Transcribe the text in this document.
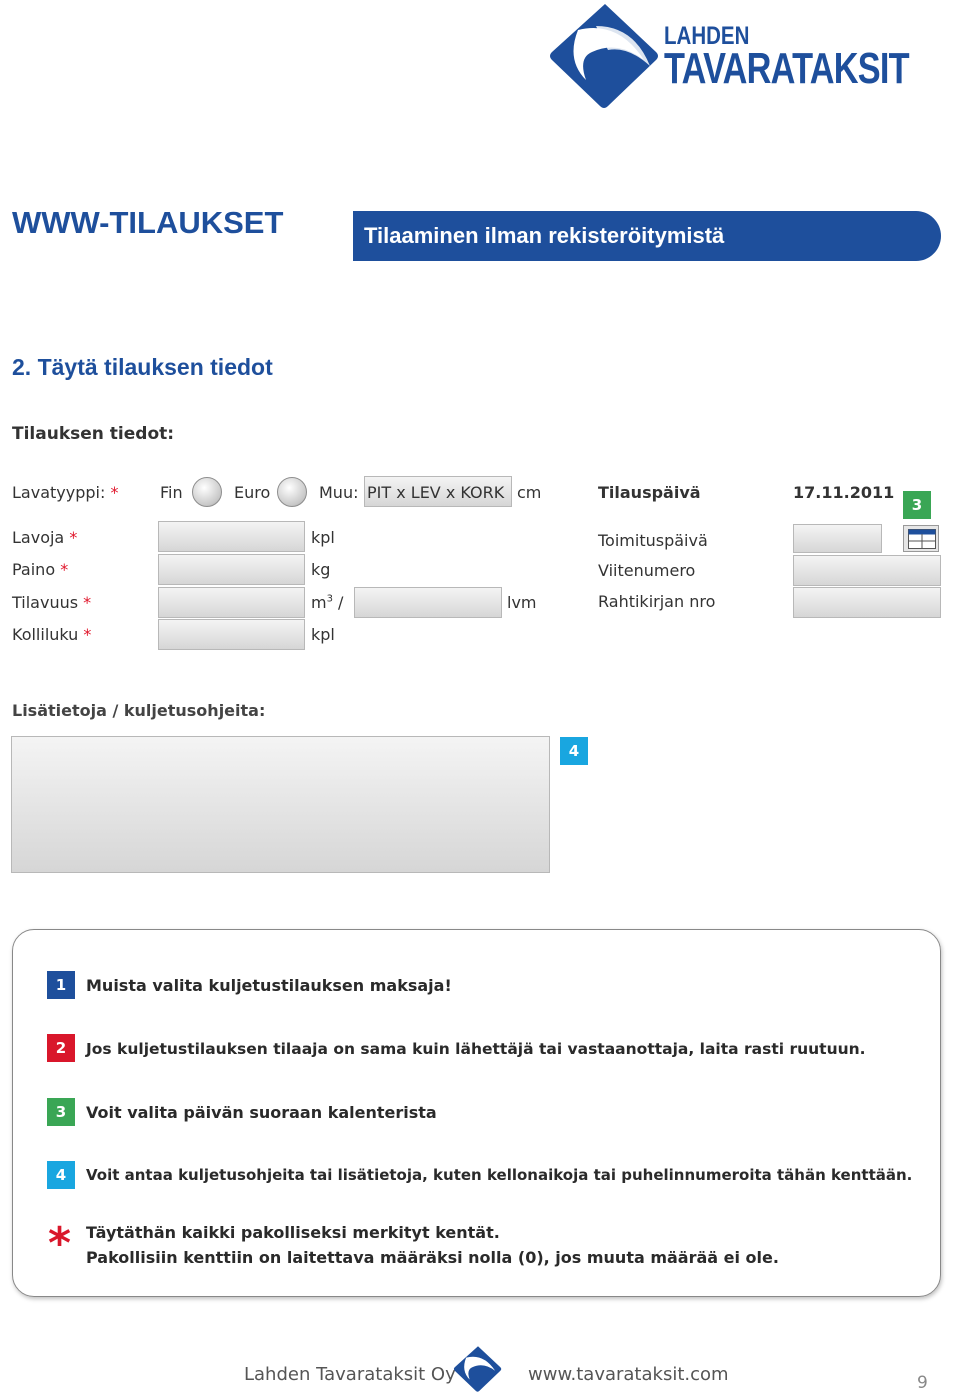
LAHDEN
TAVARATAKSIT
WWW-TILAUKSET	Tilaaminen ilman rekisteröitymistä
2. Täytä tilauksen tiedot
Tilauksen tiedot:
Lavatyyppi: *	Fin	Euro	Muu: PIT x LEV x KORK cm	Tilauspäivä	17.11.2011
3
Lavoja *	kpl	Toimituspäivä
Paino *	kg	Viitenumero
Tilavuus *	$m^3$ /	lvm	Rahtikirjan nro
Kolliluku *	kpl
Lisätietoja / kuljetusohjeita:
4
1	Muista valita kuljetustilauksen maksaja!
2	Jos kuljetustilauksen tilaaja on sama kuin lähettäjä tai vastaanottaja, laita rasti ruutuun.
3	Voit valita päivän suoraan kalenterista
4	Voit antaa kuljetusohjeita tai lisätietoja, kuten kellonaikoja tai puhelinnumeroita tähän kenttään.
* Täytäthän kaikki pakolliseksi merkityt kentät.
Pakollisiin kenttiin on laitettava määräksi nolla (0), jos muuta määrää ei ole.
Lahden Tavarataksit Oy	www.tavarataksit.com	9
